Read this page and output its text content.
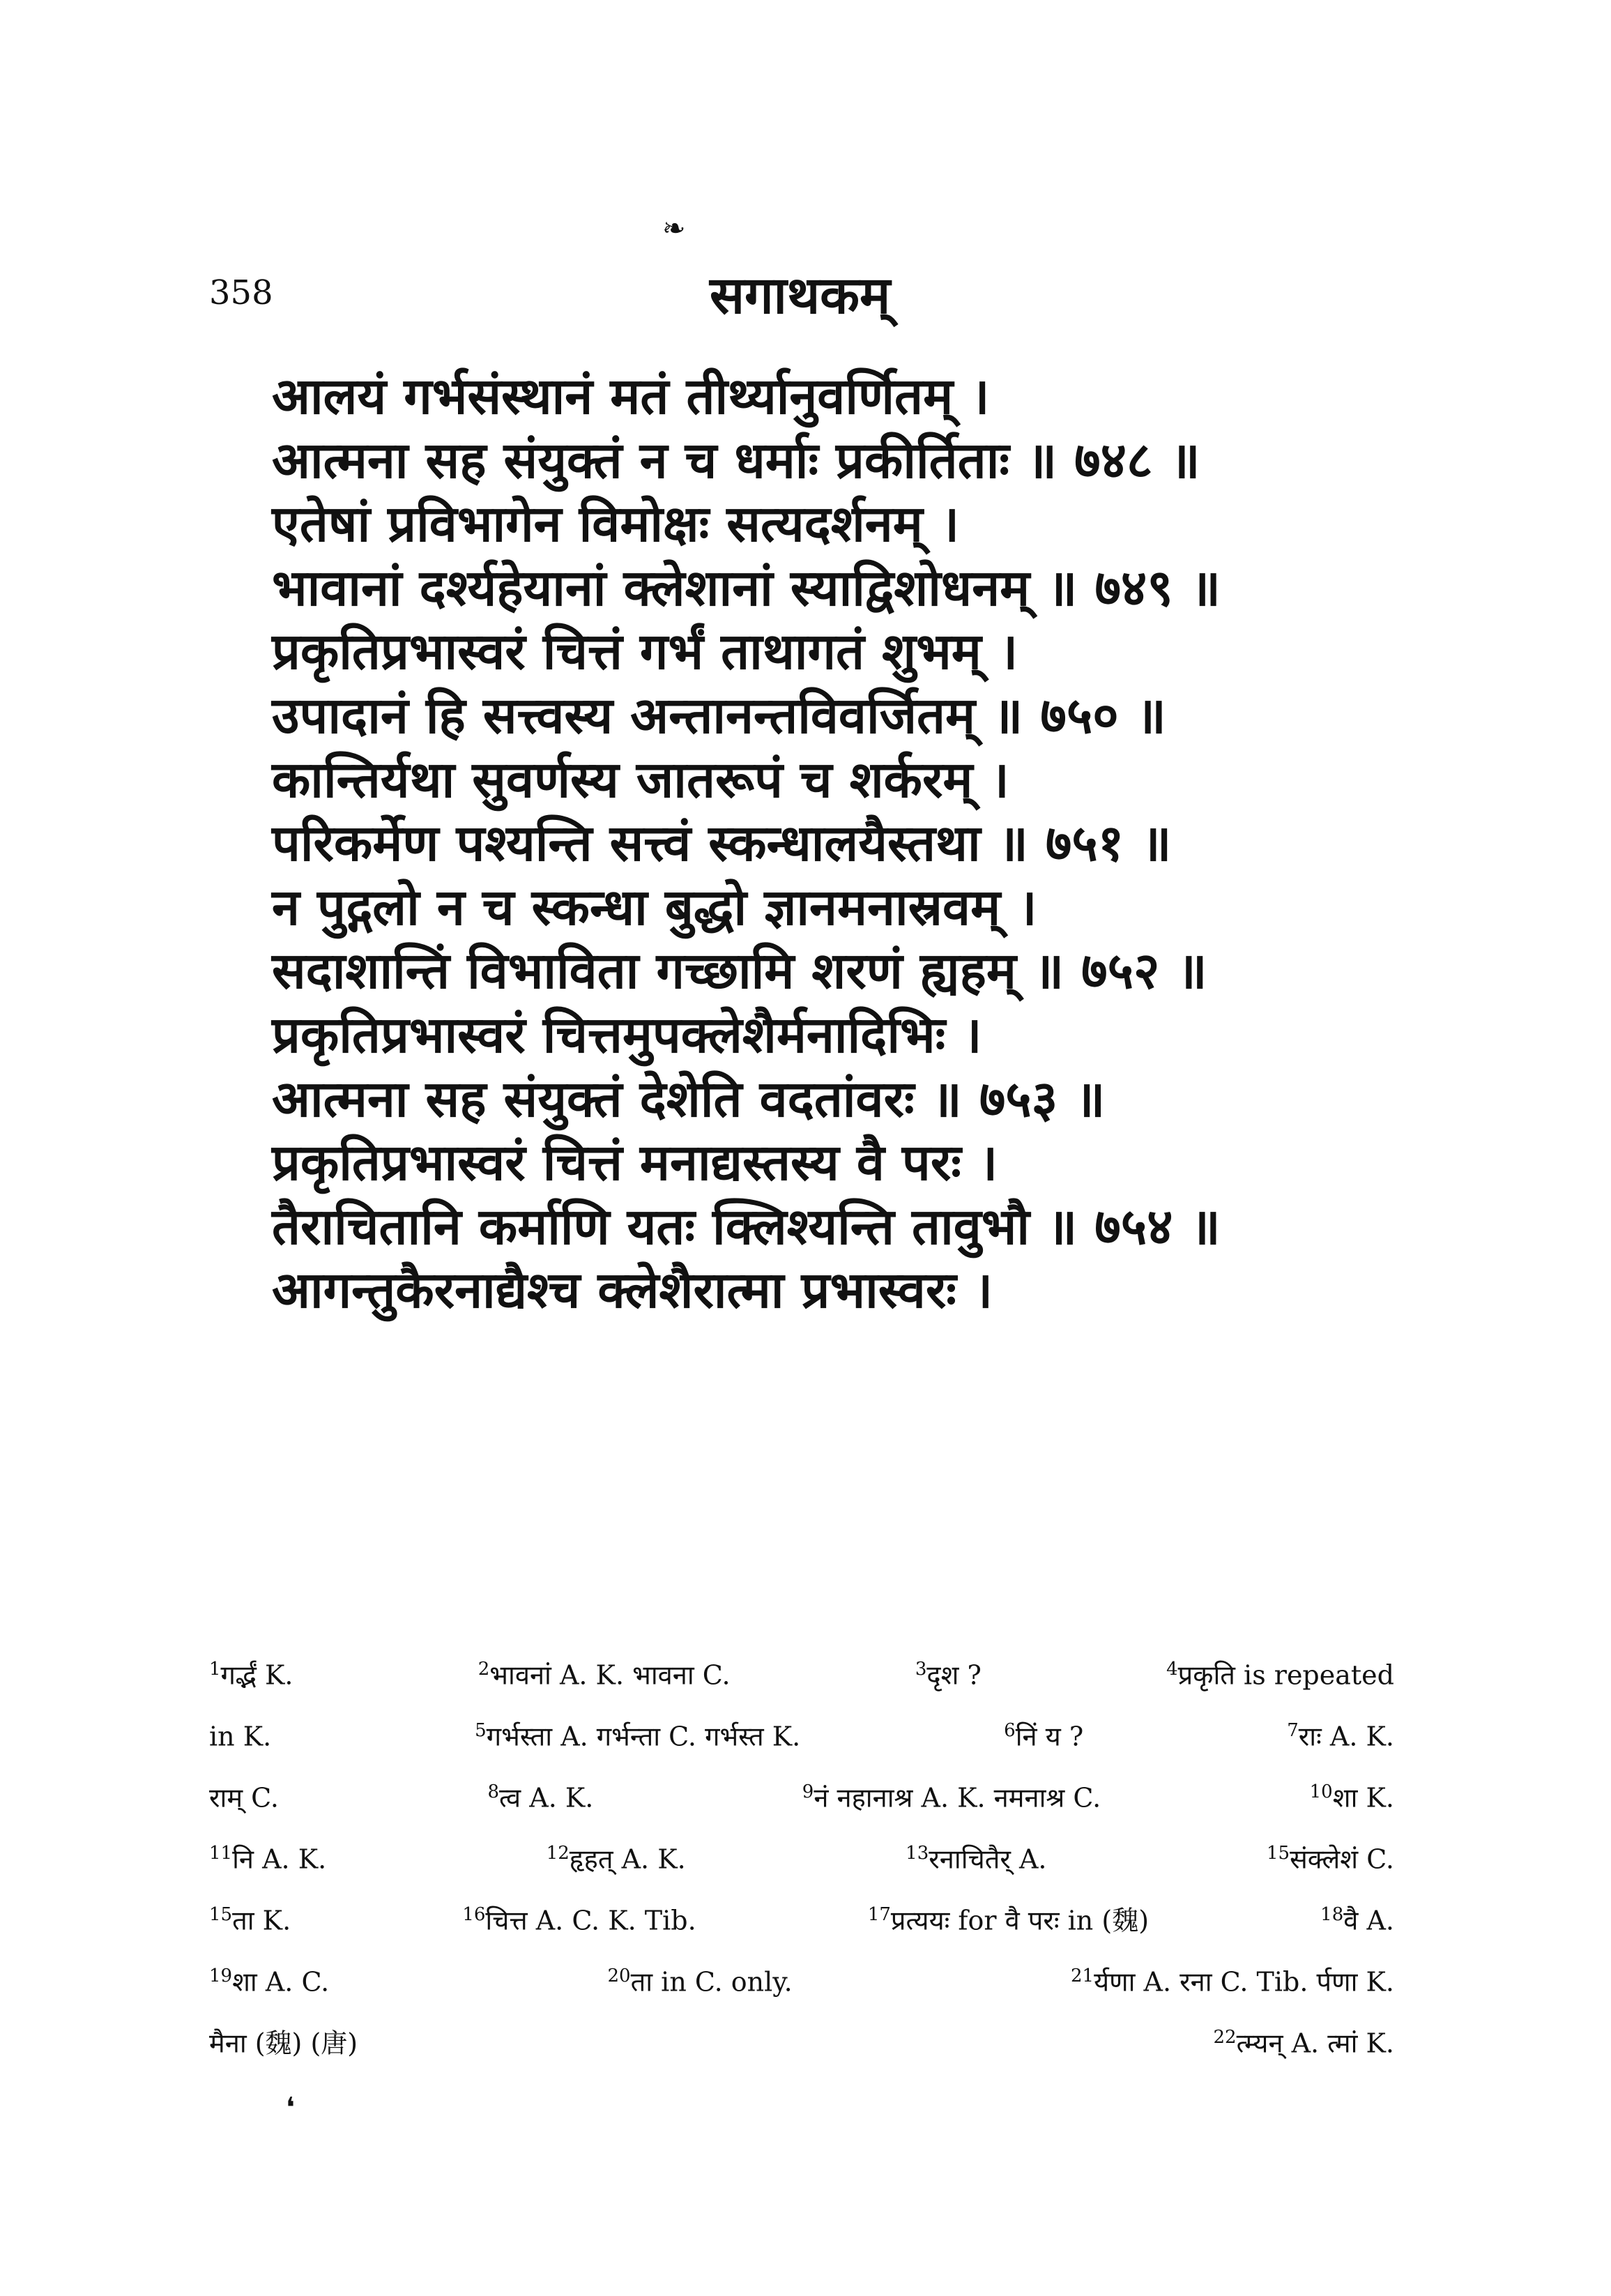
❧
358	सगाथकम्
आलयं गर्भसंस्थानं मतं तीर्थ्यानुवर्णितम् ।
आत्मना सह संयुक्तं न च धर्माः प्रकीर्तिताः ॥ ७४८ ॥
एतेषां प्रविभागेन विमोक्षः सत्यदर्शनम् ।
भावानां दर्श्यहेयानां क्लेशानां स्याद्विशोधनम् ॥ ७४९ ॥
प्रकृतिप्रभास्वरं चित्तं गर्भं ताथागतं शुभम् ।
उपादानं हि सत्त्वस्य अन्तानन्तविवर्जितम् ॥ ७५० ॥
कान्तिर्यथा सुवर्णस्य जातरूपं च शर्करम् ।
परिकर्मेण पश्यन्ति सत्त्वं स्कन्धालयैस्तथा ॥ ७५१ ॥
न पुद्गलो न च स्कन्धा बुद्धो ज्ञानमनास्रवम् ।
सदाशान्तिं विभाविता गच्छामि शरणं ह्यहम् ॥ ७५२ ॥
प्रकृतिप्रभास्वरं चित्तमुपक्लेशैर्मनादिभिः ।
आत्मना सह संयुक्तं देशेति वदतांवरः ॥ ७५३ ॥
प्रकृतिप्रभास्वरं चित्तं मनाद्यस्तस्य वै परः ।
तैराचितानि कर्माणि यतः क्लिश्यन्ति तावुभौ ॥ ७५४ ॥
आगन्तुकैरनाद्यैश्च क्लेशैरात्मा प्रभास्वरः ।
$^1$गर्द्भं K.	$^2$भावनां A. K. भावना C.	$^3$दृश ?	$^4$प्रकृति is repeated
in K.	$^5$गर्भस्ता A. गर्भन्ता C. गर्भस्त K.	$^6$निं य ?	$^7$राः A. K.
राम् C.	$^8$त्व A. K.	$^9$नं नहानाश्र A. K. नमनाश्र C.	$^{10}$शा K.
$^{11}$नि A. K.	$^{12}$हृहत् A. K.	$^{13}$रनाचितैर् A.	$^{15}$संक्लेशं C.
$^{15}$ता K.	$^{16}$चित्त A. C. K. Tib.	$^{17}$प्रत्ययः for वै परः in (魏)	$^{18}$वै A.
$^{19}$शा A. C.	$^{20}$ता in C. only.	$^{21}$र्यणा A. रना C. Tib. र्पणा K.
मैना (魏) (唐)	$^{22}$त्म्यन् A. त्मां K.
❛
